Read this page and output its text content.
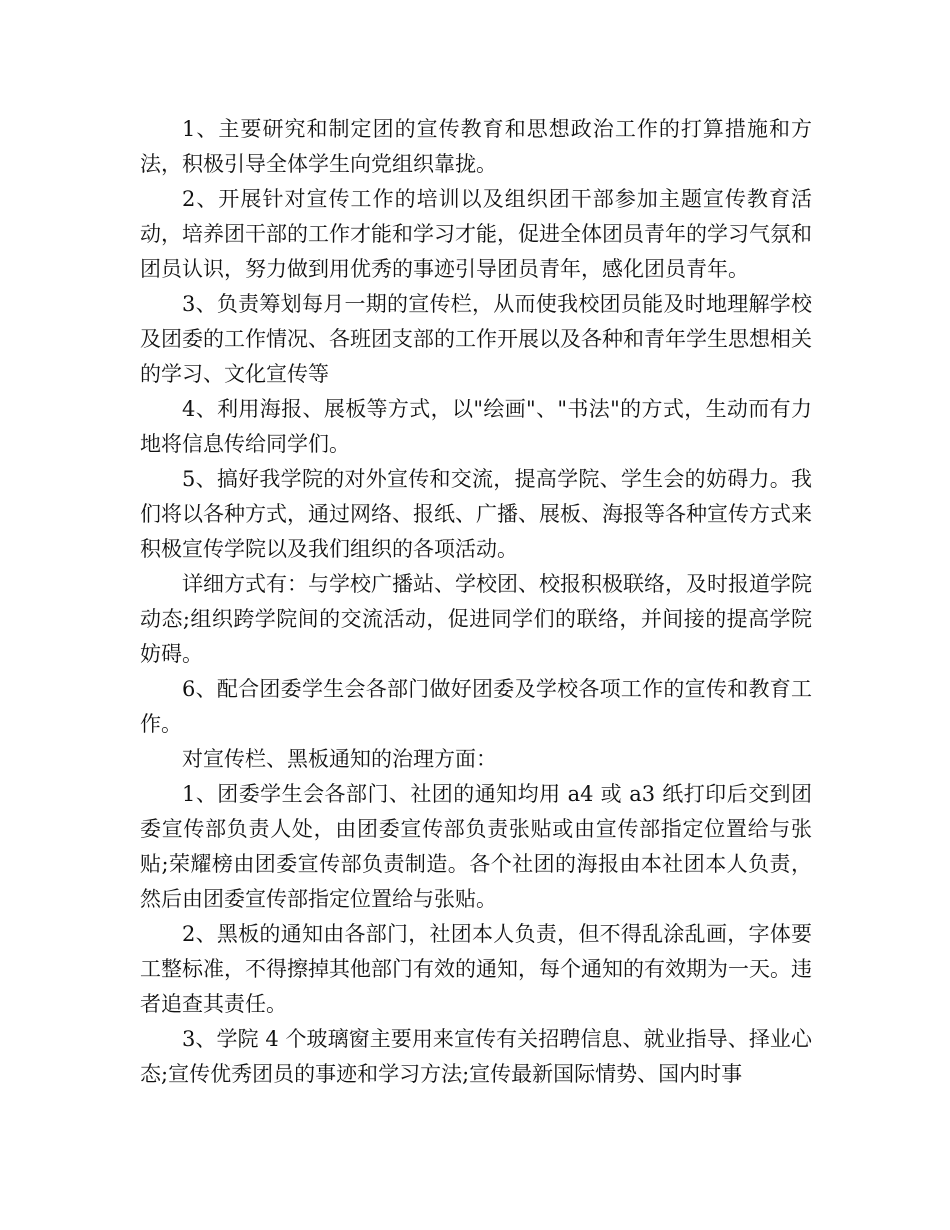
1、主要研究和制定团的宣传教育和思想政治工作的打算措施和方法，积极引导全体学生向党组织靠拢。

2、开展针对宣传工作的培训以及组织团干部参加主题宣传教育活动，培养团干部的工作才能和学习才能，促进全体团员青年的学习气氛和团员认识，努力做到用优秀的事迹引导团员青年，感化团员青年。

3、负责筹划每月一期的宣传栏，从而使我校团员能及时地理解学校及团委的工作情况、各班团支部的工作开展以及各种和青年学生思想相关的学习、文化宣传等

4、利用海报、展板等方式，以"绘画"、"书法"的方式，生动而有力地将信息传给同学们。

5、搞好我学院的对外宣传和交流，提高学院、学生会的妨碍力。我们将以各种方式，通过网络、报纸、广播、展板、海报等各种宣传方式来积极宣传学院以及我们组织的各项活动。

详细方式有：与学校广播站、学校团、校报积极联络，及时报道学院动态;组织跨学院间的交流活动，促进同学们的联络，并间接的提高学院妨碍。

6、配合团委学生会各部门做好团委及学校各项工作的宣传和教育工作。

对宣传栏、黑板通知的治理方面：

1、团委学生会各部门、社团的通知均用 a4 或 a3 纸打印后交到团委宣传部负责人处，由团委宣传部负责张贴或由宣传部指定位置给与张贴;荣耀榜由团委宣传部负责制造。各个社团的海报由本社团本人负责，然后由团委宣传部指定位置给与张贴。

2、黑板的通知由各部门，社团本人负责，但不得乱涂乱画，字体要工整标准，不得擦掉其他部门有效的通知，每个通知的有效期为一天。违者追查其责任。

3、学院 4 个玻璃窗主要用来宣传有关招聘信息、就业指导、择业心态;宣传优秀团员的事迹和学习方法;宣传最新国际情势、国内时事
